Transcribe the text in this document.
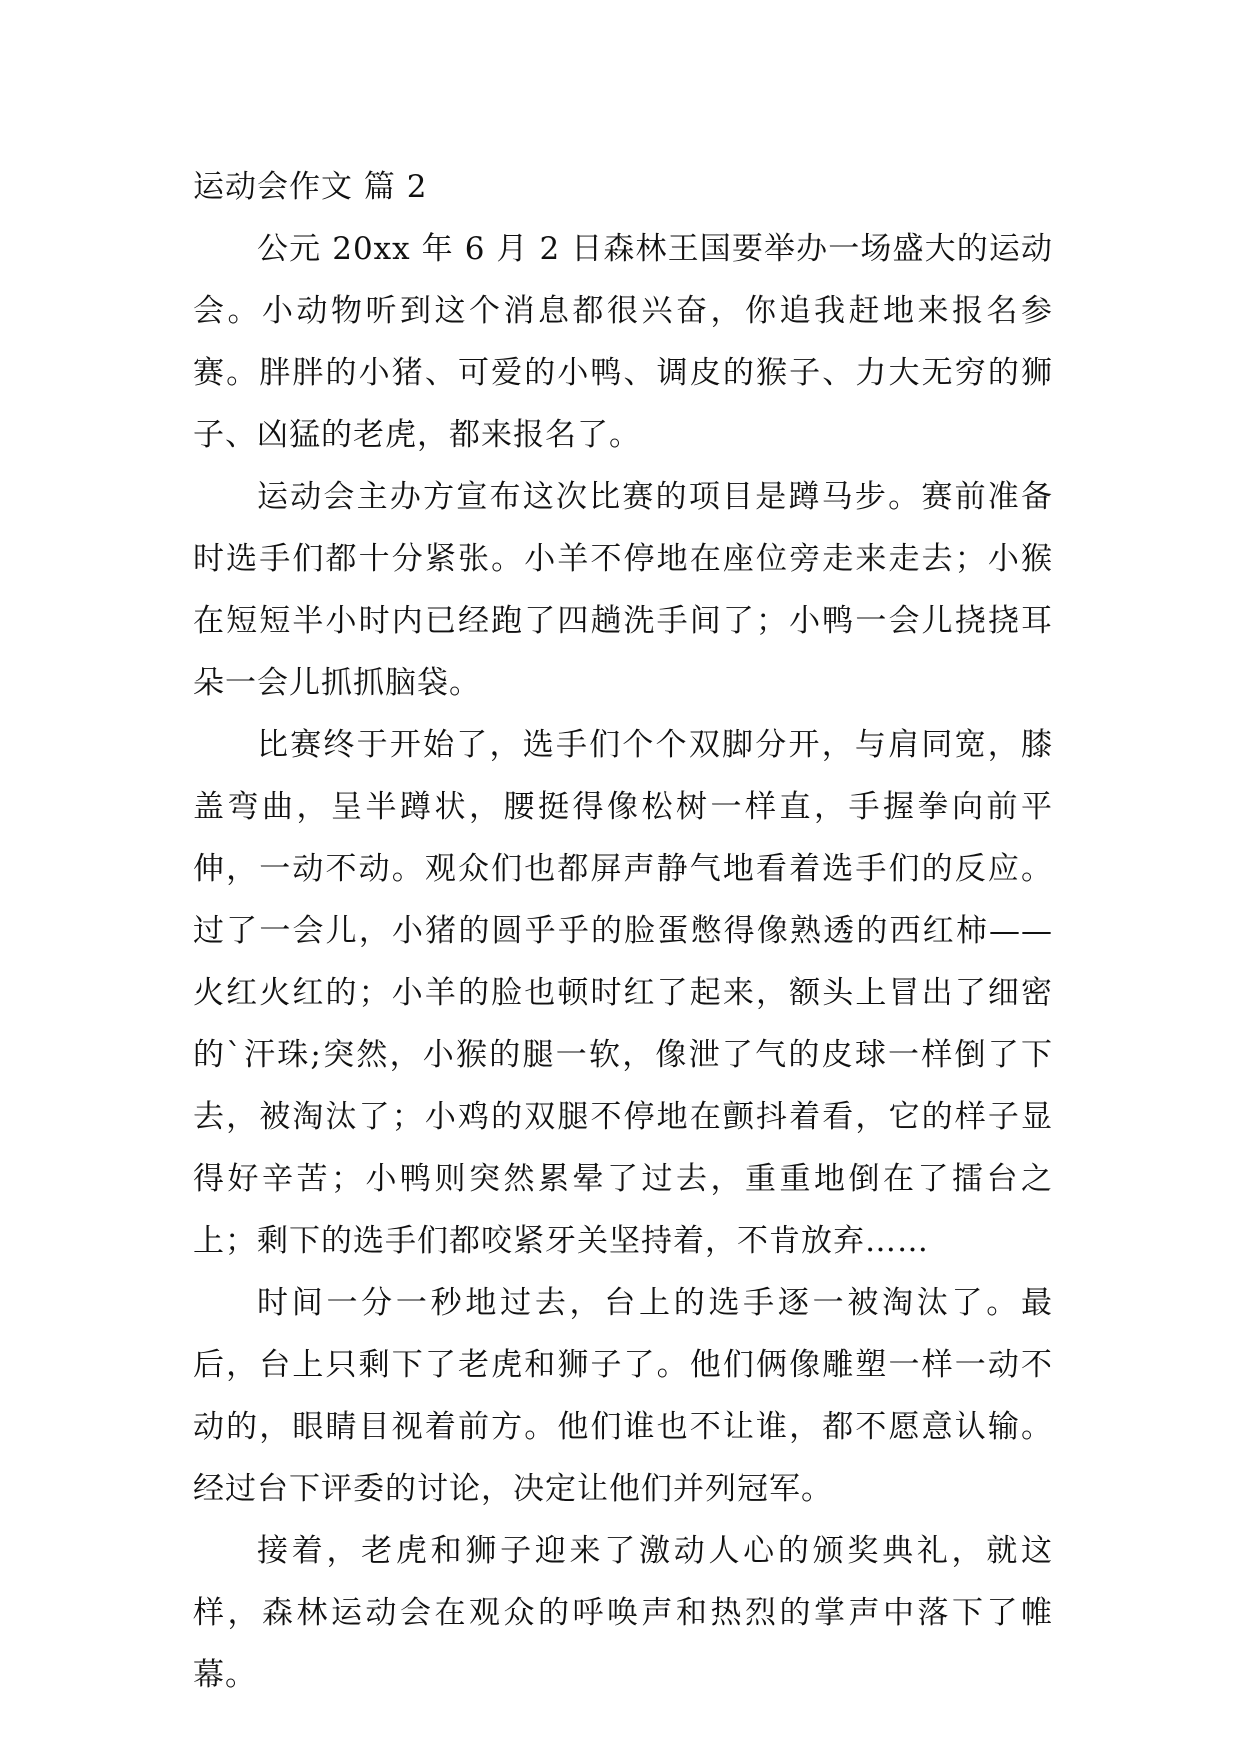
运动会作文 篇 2

公元 20xx 年 6 月 2 日森林王国要举办一场盛大的运动会。小动物听到这个消息都很兴奋，你追我赶地来报名参赛。胖胖的小猪、可爱的小鸭、调皮的猴子、力大无穷的狮子、凶猛的老虎，都来报名了。

运动会主办方宣布这次比赛的项目是蹲马步。赛前准备时选手们都十分紧张。小羊不停地在座位旁走来走去；小猴在短短半小时内已经跑了四趟洗手间了；小鸭一会儿挠挠耳朵一会儿抓抓脑袋。

比赛终于开始了，选手们个个双脚分开，与肩同宽，膝盖弯曲，呈半蹲状，腰挺得像松树一样直，手握拳向前平伸，一动不动。观众们也都屏声静气地看着选手们的反应。过了一会儿，小猪的圆乎乎的脸蛋憋得像熟透的西红柿——火红火红的；小羊的脸也顿时红了起来，额头上冒出了细密的`汗珠;突然，小猴的腿一软，像泄了气的皮球一样倒了下去，被淘汰了；小鸡的双腿不停地在颤抖着看，它的样子显得好辛苦；小鸭则突然累晕了过去，重重地倒在了擂台之上；剩下的选手们都咬紧牙关坚持着，不肯放弃……

时间一分一秒地过去，台上的选手逐一被淘汰了。最后，台上只剩下了老虎和狮子了。他们俩像雕塑一样一动不动的，眼睛目视着前方。他们谁也不让谁，都不愿意认输。经过台下评委的讨论，决定让他们并列冠军。

接着，老虎和狮子迎来了激动人心的颁奖典礼，就这样，森林运动会在观众的呼唤声和热烈的掌声中落下了帷幕。
